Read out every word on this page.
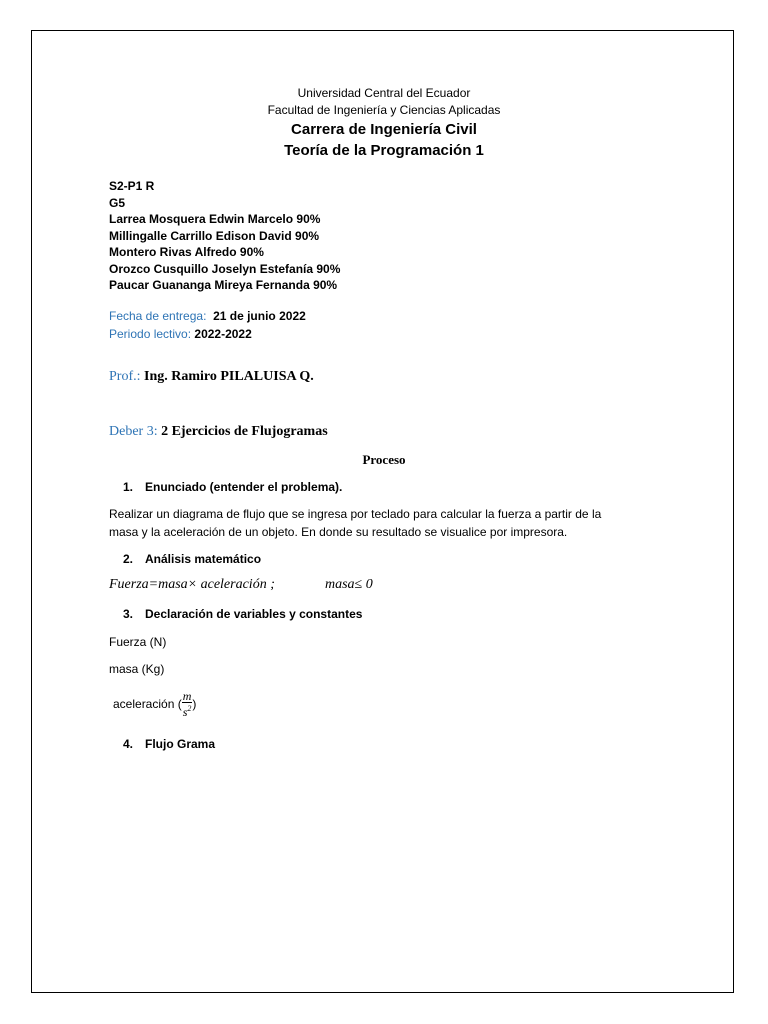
Universidad Central del Ecuador
Facultad de Ingeniería y Ciencias Aplicadas
Carrera de Ingeniería Civil
Teoría de la Programación 1
S2-P1 R
G5
Larrea Mosquera Edwin Marcelo 90%
Millingalle Carrillo Edison David 90%
Montero Rivas Alfredo 90%
Orozco Cusquillo Joselyn Estefanía 90%
Paucar Guananga Mireya Fernanda 90%
Fecha de entrega: 21 de junio 2022
Periodo lectivo: 2022-2022
Prof.: Ing. Ramiro PILALUISA Q.
Deber 3: 2 Ejercicios de Flujogramas
Proceso
1. Enunciado (entender el problema).
Realizar un diagrama de flujo que se ingresa por teclado para calcular la fuerza a partir de la
masa y la aceleración de un objeto. En donde su resultado se visualice por impresora.
2. Análisis matemático
Fuerza=masa× aceleración ;	masa≤ 0
3. Declaración de variables y constantes
Fuerza (N)
masa (Kg)
aceleración ( $\frac{m}{s^2}$ )
4. Flujo Grama
